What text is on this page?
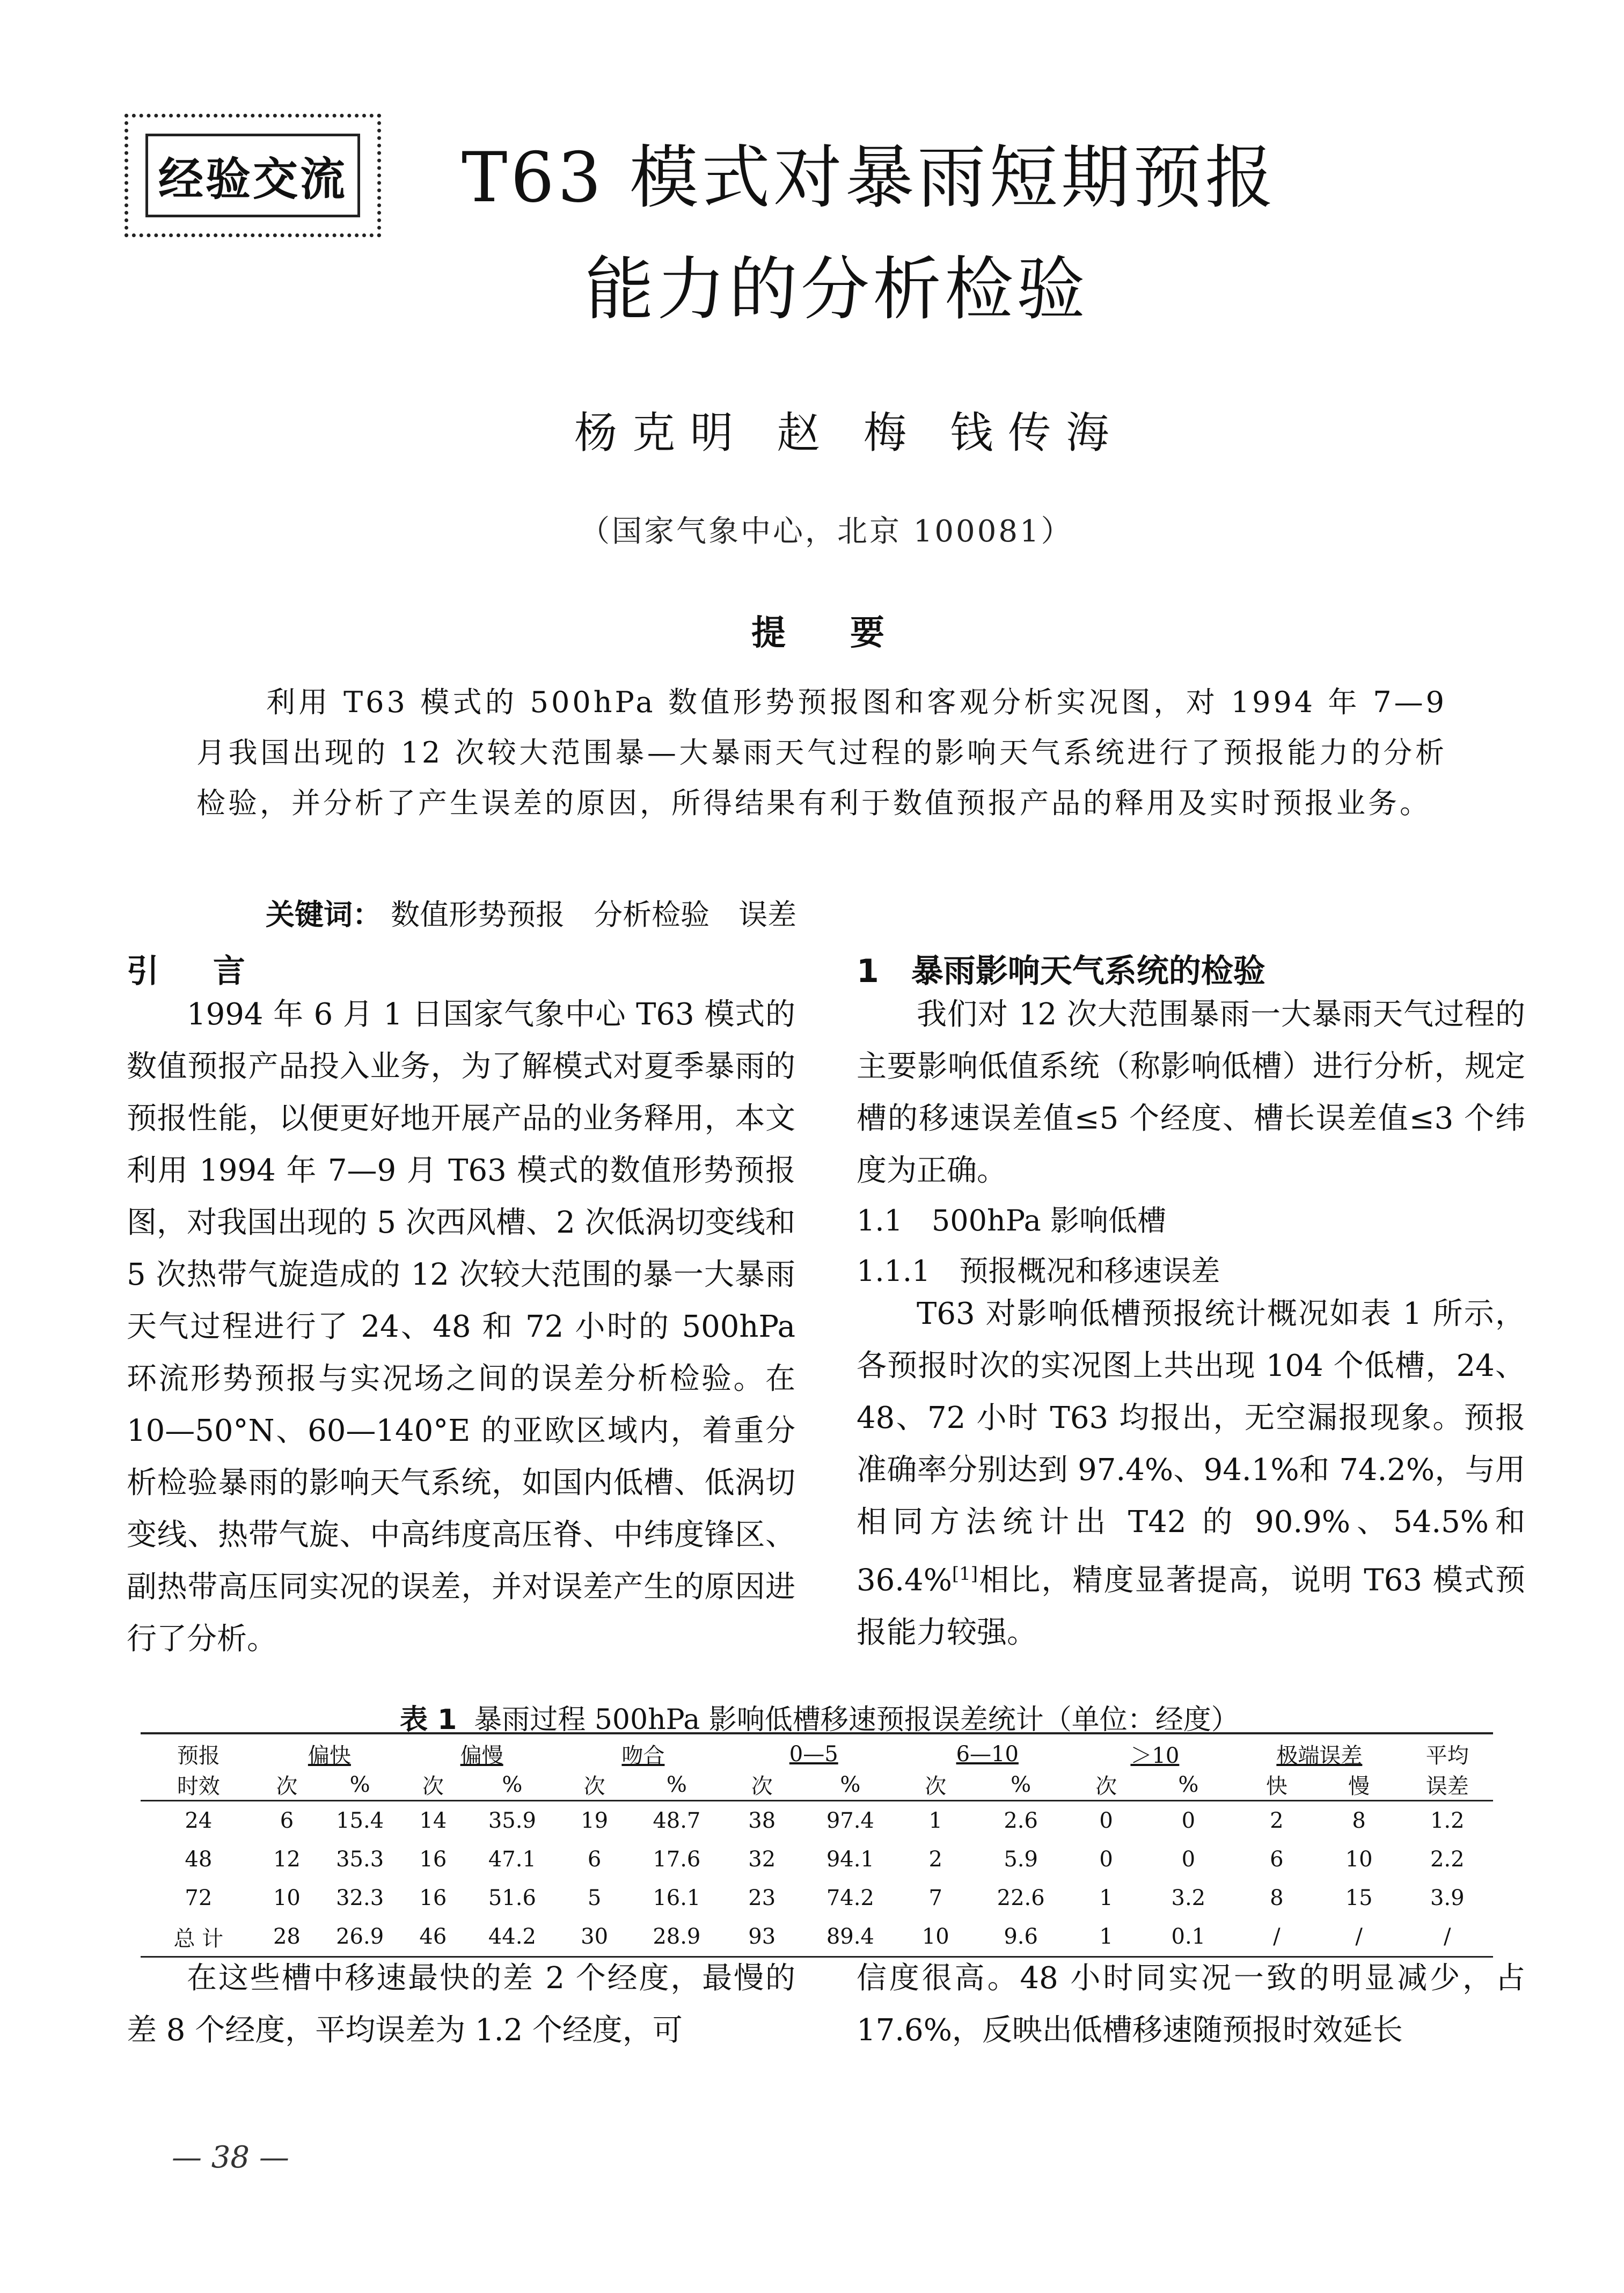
经验交流 T63 模式对暴雨短期预报
能力的分析检验
杨克明 赵 梅 钱传海
（国家气象中心，北京 100081）
提要
利用 T63 模式的 500hPa 数值形势预报图和客观分析实况图，对 1994 年 7—9 月我国出现的 12 次较大范围暴—大暴雨天气过程的影响天气系统进行了预报能力的分析检验，并分析了产生误差的原因，所得结果有利于数值预报产品的释用及实时预报业务。
关键词： 数值形势预报　分析检验　误差
引 言

1994 年 6 月 1 日国家气象中心 T63 模式的数值预报产品投入业务，为了解模式对夏季暴雨的预报性能，以便更好地开展产品的业务释用，本文利用 1994 年 7—9 月 T63 模式的数值形势预报图，对我国出现的 5 次西风槽、2 次低涡切变线和 5 次热带气旋造成的 12 次较大范围的暴一大暴雨天气过程进行了 24、48 和 72 小时的 500hPa 环流形势预报与实况场之间的误差分析检验。在 10—50°N、60—140°E 的亚欧区域内，着重分析检验暴雨的影响天气系统，如国内低槽、低涡切变线、热带气旋、中高纬度高压脊、中纬度锋区、副热带高压同实况的误差，并对误差产生的原因进行了分析。

1　暴雨影响天气系统的检验

我们对 12 次大范围暴雨一大暴雨天气过程的主要影响低值系统（称影响低槽）进行分析，规定槽的移速误差值≤5 个经度、槽长误差值≤3 个纬度为正确。

1.1　500hPa 影响低槽
1.1.1　预报概况和移速误差

T63 对影响低槽预报统计概况如表 1 所示，各预报时次的实况图上共出现 104 个低槽，24、48、72 小时 T63 均报出，无空漏报现象。预报准确率分别达到 97.4%、94.1%和 74.2%，与用相同方法统计出 T42 的 90.9%、54.5%和 36.4%[1]相比，精度显著提高，说明 T63 模式预报能力较强。

表 1 暴雨过程 500hPa 影响低槽移速预报误差统计（单位：经度）
预报	偏快		偏慢		吻合		0—5		6—10		＞10		极端误差		平均
时效	次	%	次	%	次	%	次	%	次	%	次	%	快	慢	误差
24	6	15.4	14	35.9	19	48.7	38	97.4	1	2.6	0	0	2	8	1.2
48	12	35.3	16	47.1	6	17.6	32	94.1	2	5.9	0	0	6	10	2.2
72	10	32.3	16	51.6	5	16.1	23	74.2	7	22.6	1	3.2	8	15	3.9
总 计	28	26.9	46	44.2	30	28.9	93	89.4	10	9.6	1	0.1	/	/	/
在这些槽中移速最快的差 2 个经度，最慢的差 8 个经度，平均误差为 1.2 个经度，可
信度很高。48 小时同实况一致的明显减少，占 17.6%，反映出低槽移速随预报时效延长
— 38 —
